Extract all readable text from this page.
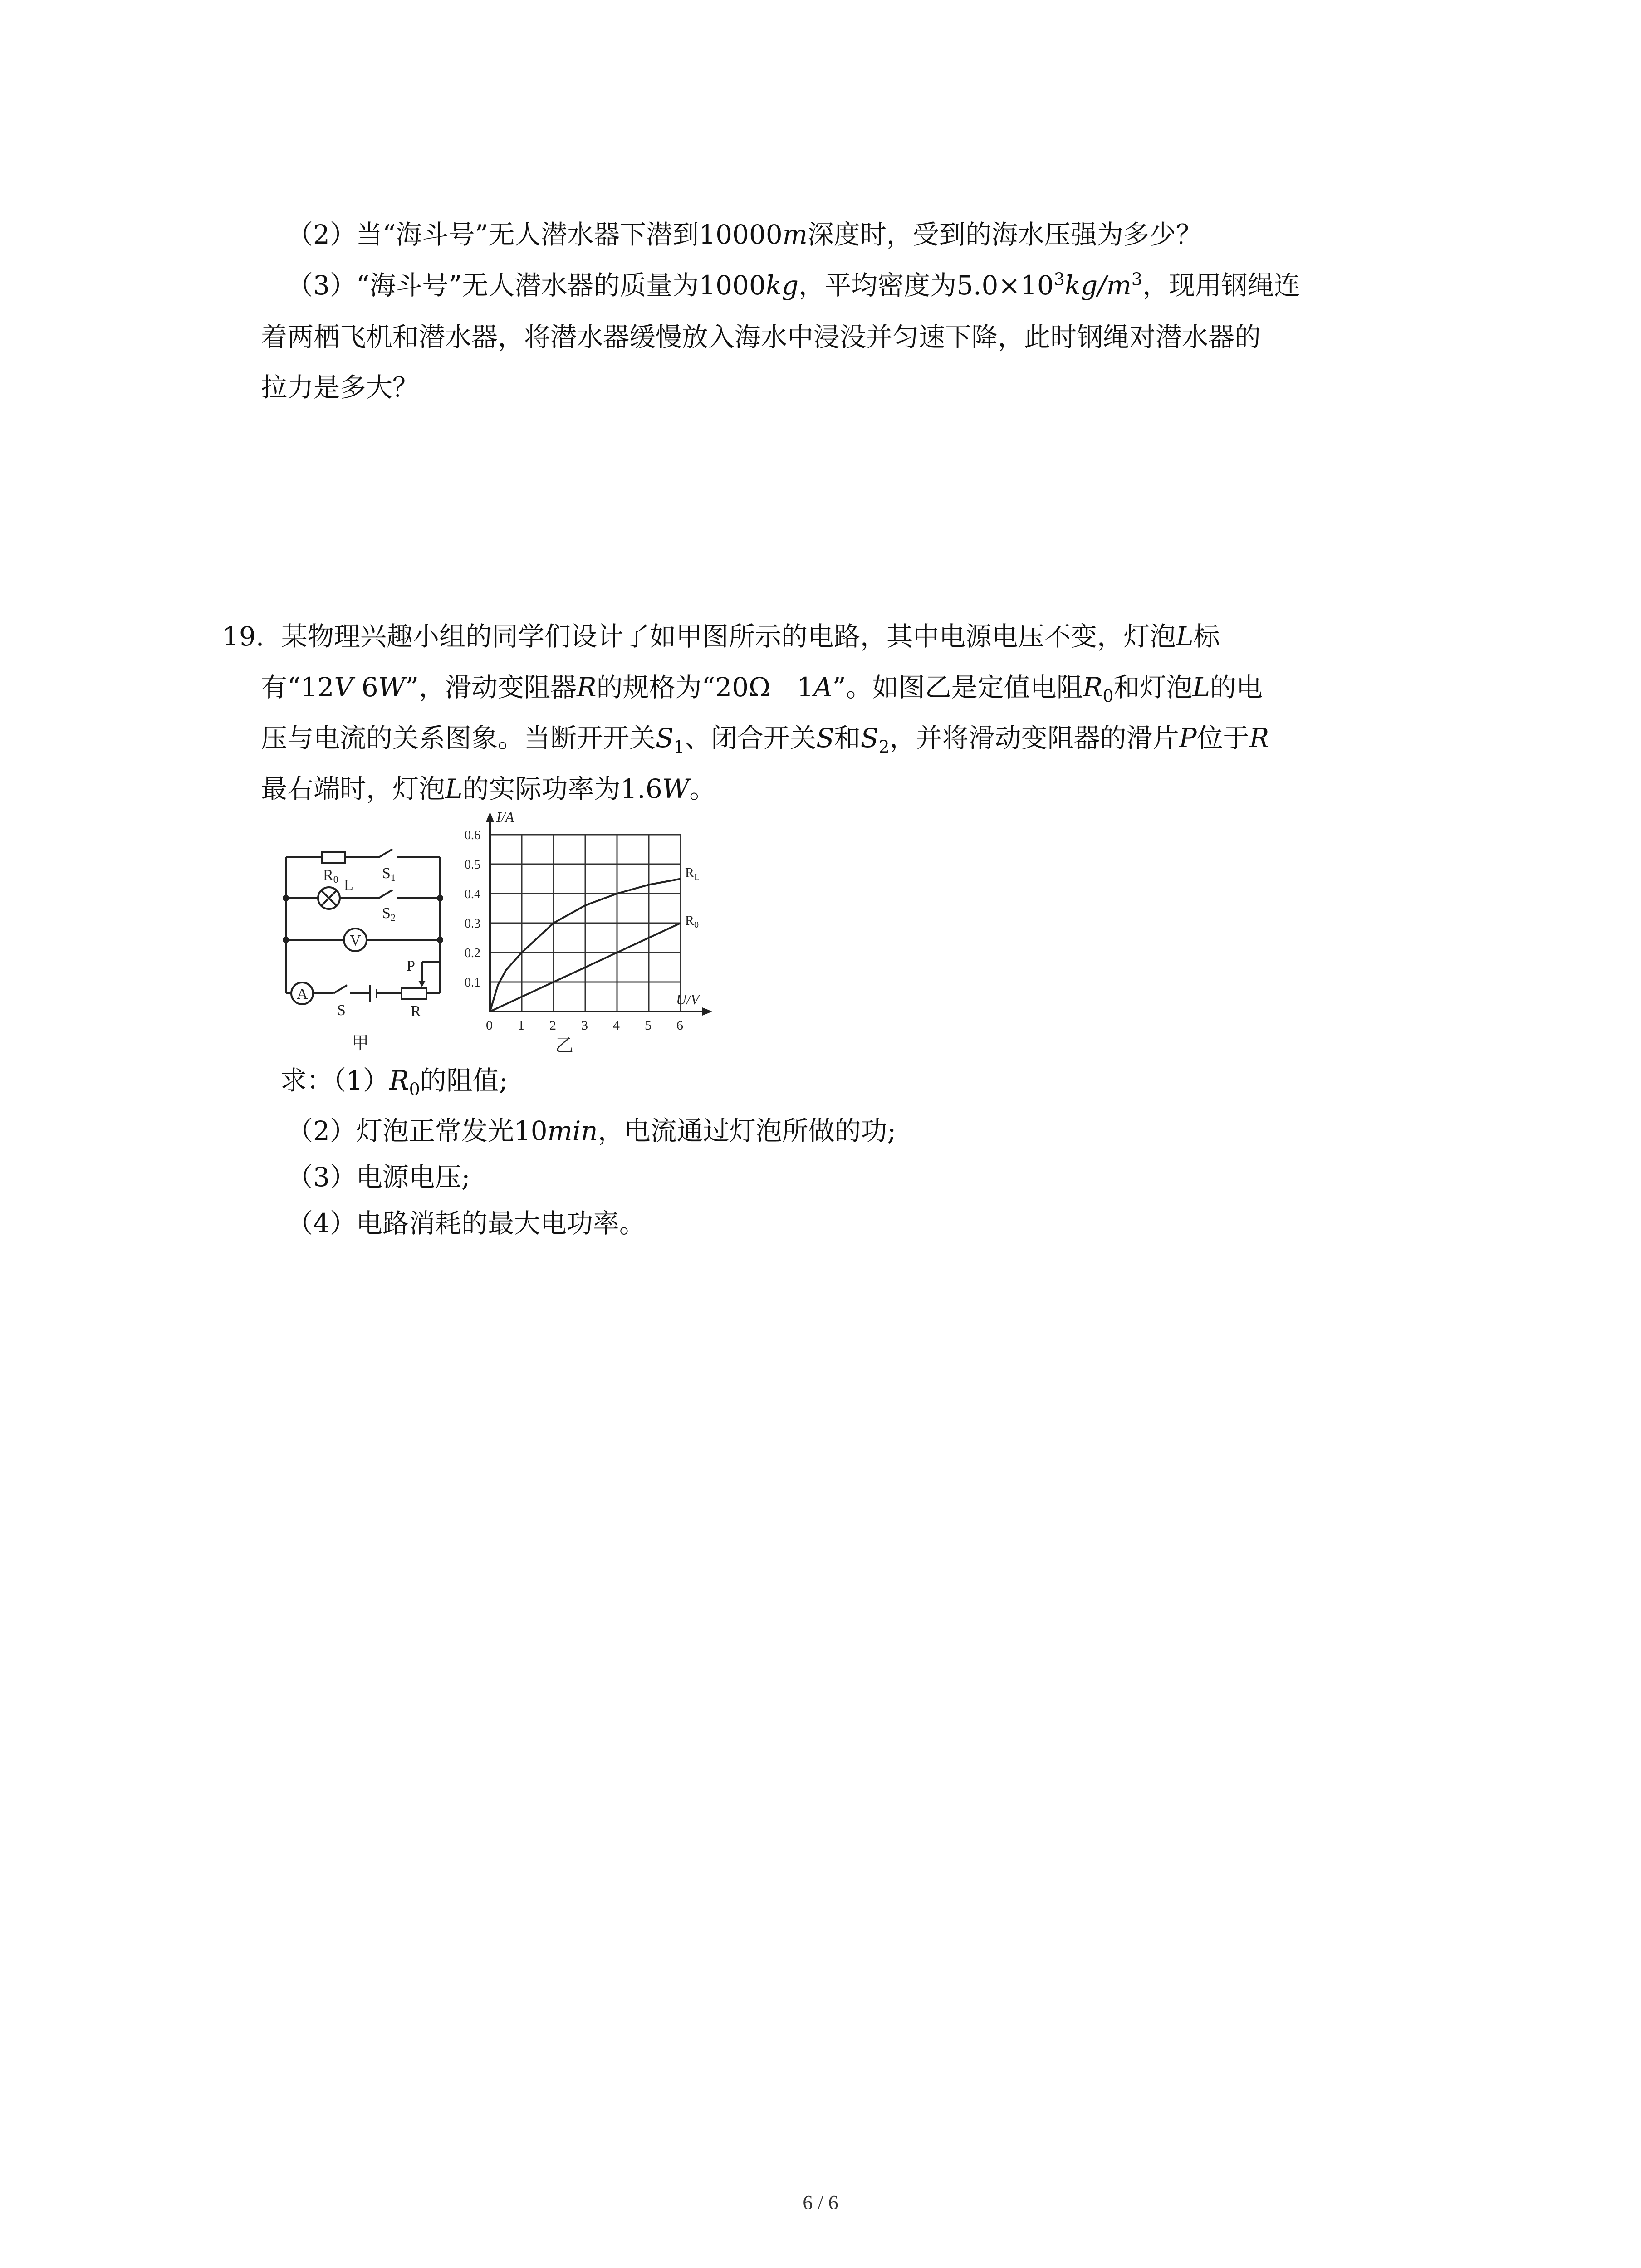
（2）当“海斗号”无人潜水器下潜到10000m深度时，受到的海水压强为多少？
（3）“海斗号”无人潜水器的质量为1000kg，平均密度为$5.0\times 10^3kg/m^3$，现用钢绳连
着两栖飞机和潜水器，将潜水器缓慢放入海水中浸没并匀速下降，此时钢绳对潜水器的
拉力是多大？
19. 某物理兴趣小组的同学们设计了如甲图所示的电路，其中电源电压不变，灯泡L标
有“12V 6W”，滑动变阻器R的规格为“20Ω　1A”。如图乙是定值电阻$R_0$和灯泡L的电
压与电流的关系图象。当断开开关$S_1$、闭合开关S和$S_2$，并将滑动变阻器的滑片P位于R
最右端时，灯泡L的实际功率为1.6W。
R0	S1
L
S2
V
A
S
P
R
甲
0 1 2 3 4 5 6
0.1
0.2
0.3
0.4
0.5
0.6
I/A
U/V
乙
$R_L$
$R_0$
求：$(1)R_0$的阻值;
（2）灯泡正常发光10min，电流通过灯泡所做的功;
（3）电源电压;
（4）电路消耗的最大电功率。
6 / 6
